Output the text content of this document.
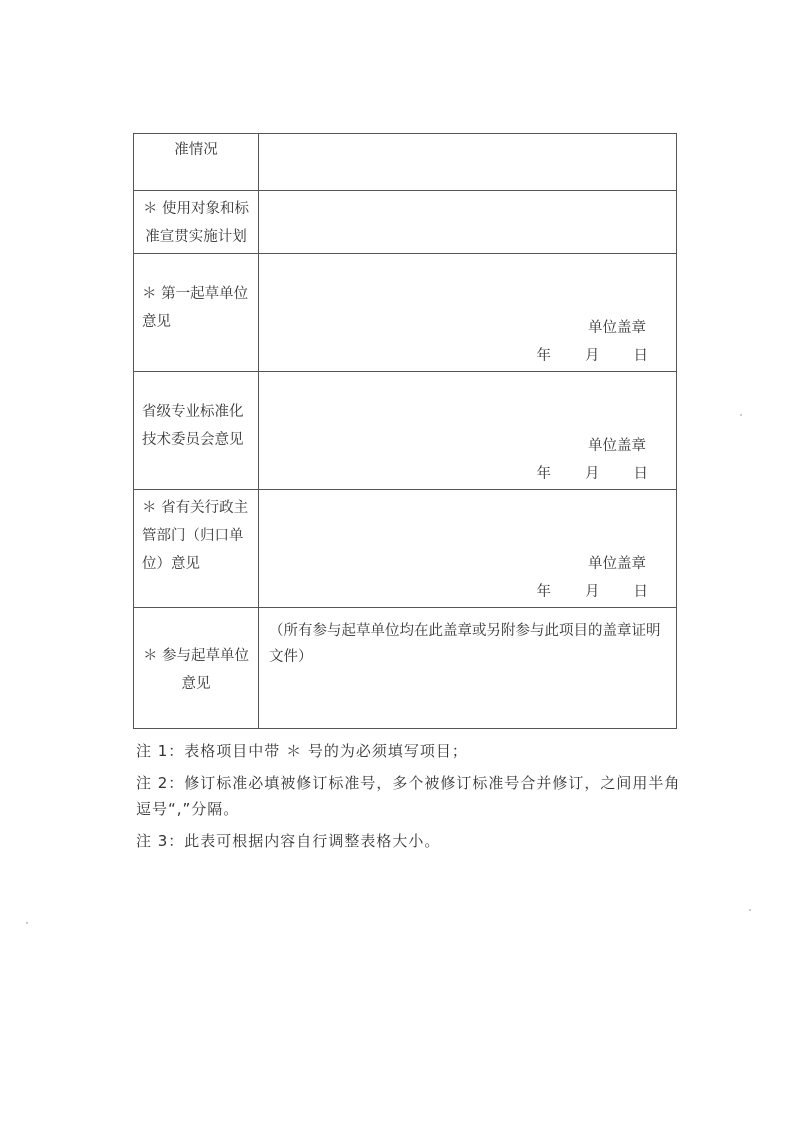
准情况	

＊ 使用对象和标准宣贯实施计划	

＊ 第一起草单位意见	单位盖章
年 月 日

省级专业标准化技术委员会意见	单位盖章
年 月 日

＊ 省有关行政主管部门（归口单位）意见	单位盖章
年 月 日

＊ 参与起草单位意见	（所有参与起草单位均在此盖章或另附参与此项目的盖章证明文件）

注 1：表格项目中带 ＊ 号的为必须填写项目；

注 2：修订标准必填被修订标准号，多个被修订标准号合并修订，之间用半角逗号“,”分隔。

注 3：此表可根据内容自行调整表格大小。
